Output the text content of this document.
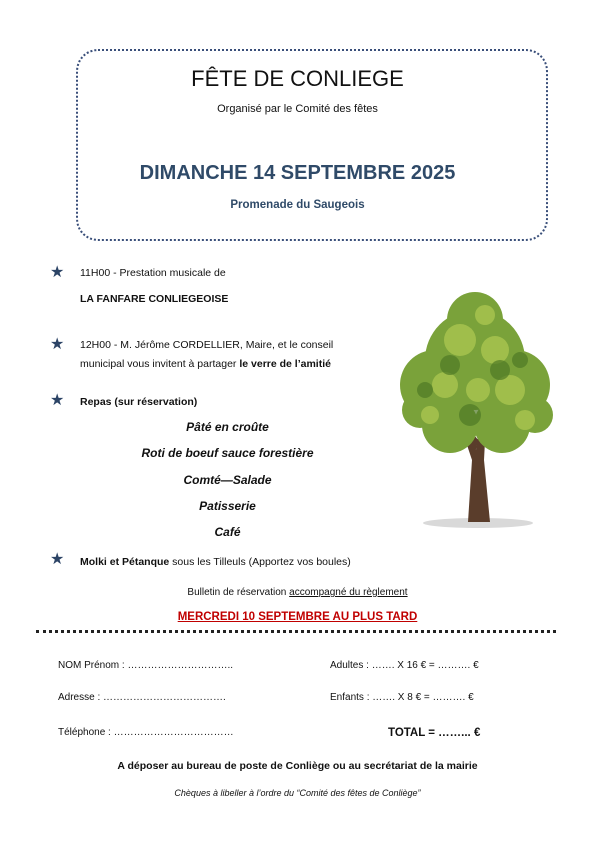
FÊTE DE CONLIEGE
Organisé par le Comité des fêtes
DIMANCHE 14 SEPTEMBRE 2025
Promenade du Saugeois
★ 11H00 - Prestation musicale de
LA FANFARE CONLIEGEOISE
★ 12H00 - M. Jérôme CORDELLIER, Maire, et le conseil
municipal vous invitent à partager le verre de l’amitié
★ Repas (sur réservation)
Pâté en croûte
Roti de boeuf sauce forestière
Comté—Salade
Patisserie
Café
★ Molki et Pétanque sous les Tilleuls (Apportez vos boules)
Bulletin de réservation accompagné du règlement
MERCREDI 10 SEPTEMBRE AU PLUS TARD
NOM Prénom : …………………………..
Adresse : ……………………………….
Téléphone : ………………………………
Adultes : ……. X 16 € = ………. €
Enfants : ……. X 8 € = ………. €
TOTAL = ……... €
A déposer au bureau de poste de Conliège ou au secrétariat de la mairie
Chèques à libeller à l’ordre du “Comité des fêtes de Conliège”
